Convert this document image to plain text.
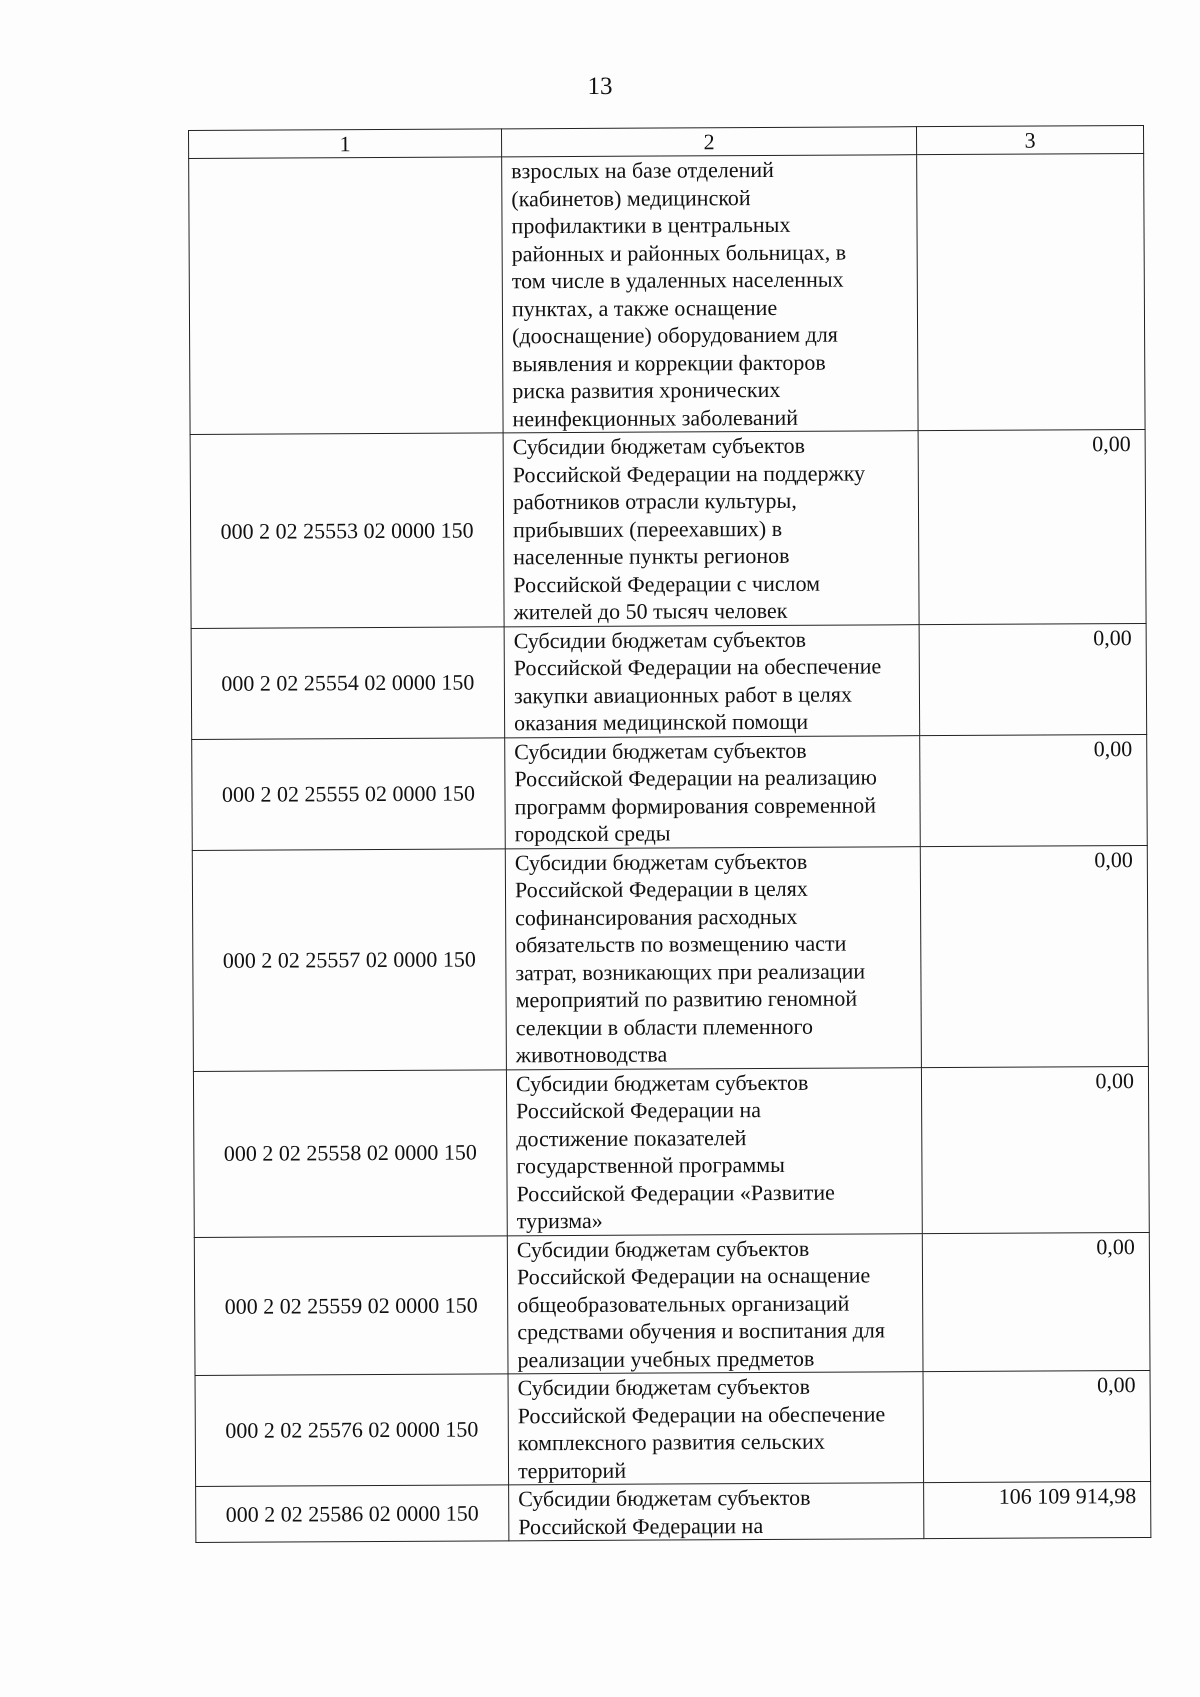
13
1	2	3

	взрослых на базе отделений (кабинетов) медицинской профилактики в центральных районных и районных больницах, в том числе в удаленных населенных пунктах, а также оснащение (дооснащение) оборудованием для выявления и коррекции факторов риска развития хронических неинфекционных заболеваний	

000 2 02 25553 02 0000 150	Субсидии бюджетам субъектов Российской Федерации на поддержку работников отрасли культуры, прибывших (переехавших) в населенные пункты регионов Российской Федерации с числом жителей до 50 тысяч человек	0,00
000 2 02 25554 02 0000 150	Субсидии бюджетам субъектов Российской Федерации на обеспечение закупки авиационных работ в целях оказания медицинской помощи	0,00
000 2 02 25555 02 0000 150	Субсидии бюджетам субъектов Российской Федерации на реализацию программ формирования современной городской среды	0,00
000 2 02 25557 02 0000 150	Субсидии бюджетам субъектов Российской Федерации в целях софинансирования расходных обязательств по возмещению части затрат, возникающих при реализации мероприятий по развитию геномной селекции в области племенного животноводства	0,00
000 2 02 25558 02 0000 150	Субсидии бюджетам субъектов Российской Федерации на достижение показателей государственной программы Российской Федерации «Развитие туризма»	0,00
000 2 02 25559 02 0000 150	Субсидии бюджетам субъектов Российской Федерации на оснащение общеобразовательных организаций средствами обучения и воспитания для реализации учебных предметов	0,00
000 2 02 25576 02 0000 150	Субсидии бюджетам субъектов Российской Федерации на обеспечение комплексного развития сельских территорий	0,00
000 2 02 25586 02 0000 150	Субсидии бюджетам субъектов Российской Федерации на	106 109 914,98
